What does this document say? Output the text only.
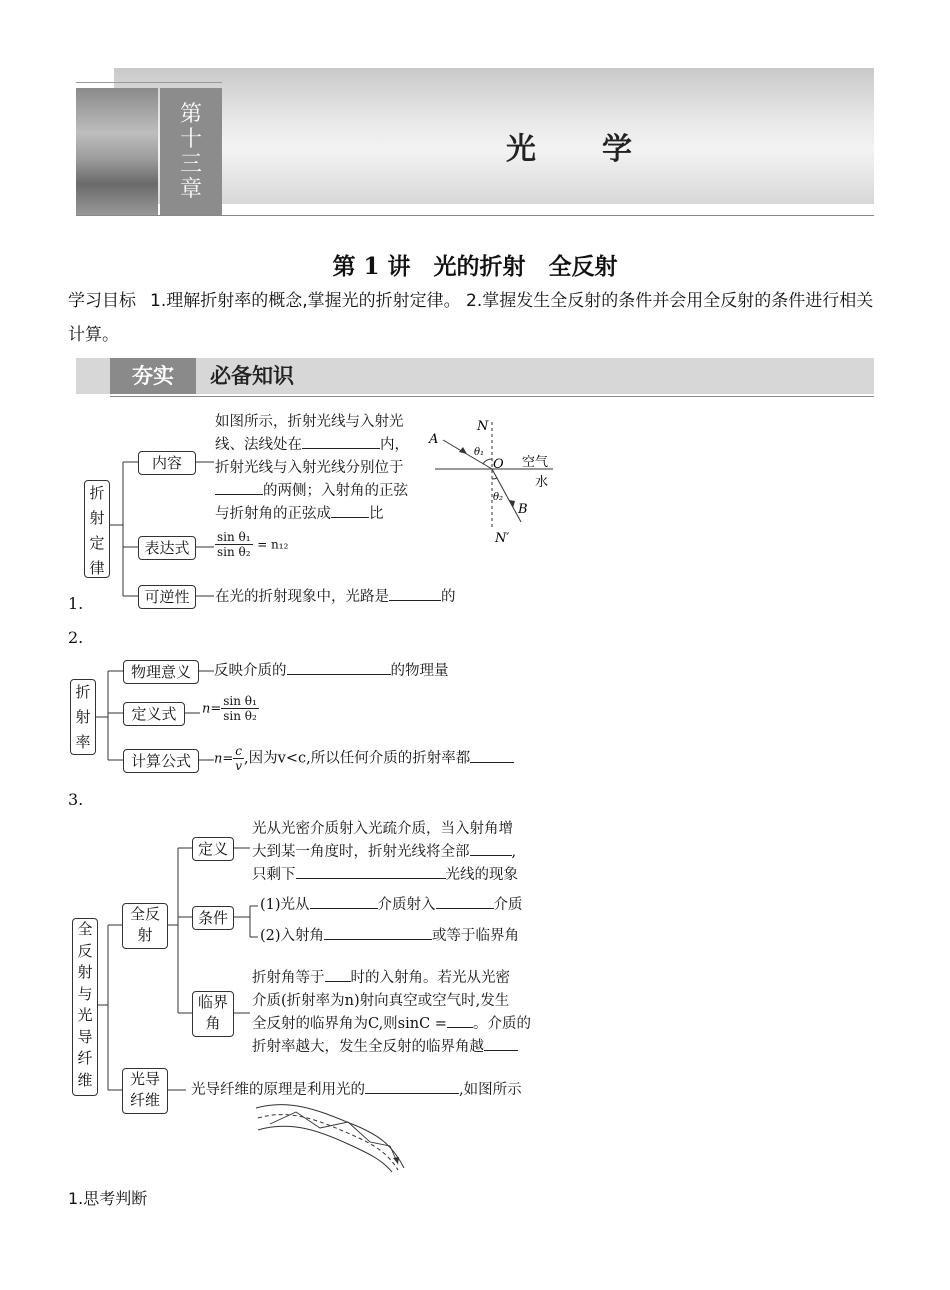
第
十
三
章
光　学
第 1 讲　光的折射　全反射
学习目标 1.理解折射率的概念,掌握光的折射定律。 2.掌握发生全反射的条件并会用全反射的条件进行相关计算。
夯实	必备知识
1.
折
射
定
律
内容
如图所示，折射光线与入射光
线、法线处在	内，
折射光线与入射光线分别位于
的两侧；入射角的正弦
与折射角的正弦成	比
表达式	$\frac{\text{sin θ₁}}{\text{sin θ₂}} = n_{12}$
可逆性	在光的折射现象中，光路是	的
N
A
θ₁
O 空气
水
θ₂
B
N′
2.
折
射
率
物理意义	反映介质的	的物理量
定义式	$n= \frac{\text{sin θ₁}}{\text{sin θ₂}}$
计算公式	$n= \frac{c}{v}$ ,因为v<c,所以任何介质的折射率都
3.
全
反
射
与
光
导
纤
维
全反
射
定义
光从光密介质射入光疏介质，当入射角增
大到某一角度时，折射光线将全部	,
只剩下	光线的现象
条件
(1)光从	介质射入	介质
(2)入射角	或等于临界角
临界
角
折射角等于 时的入射角。若光从光密
介质(折射率为n)射向真空或空气时,发生
全反射的临界角为C,则sinC = 。介质的
折射率越大，发生全反射的临界角越
光导
纤维
光导纤维的原理是利用光的	,如图所示
1.思考判断
